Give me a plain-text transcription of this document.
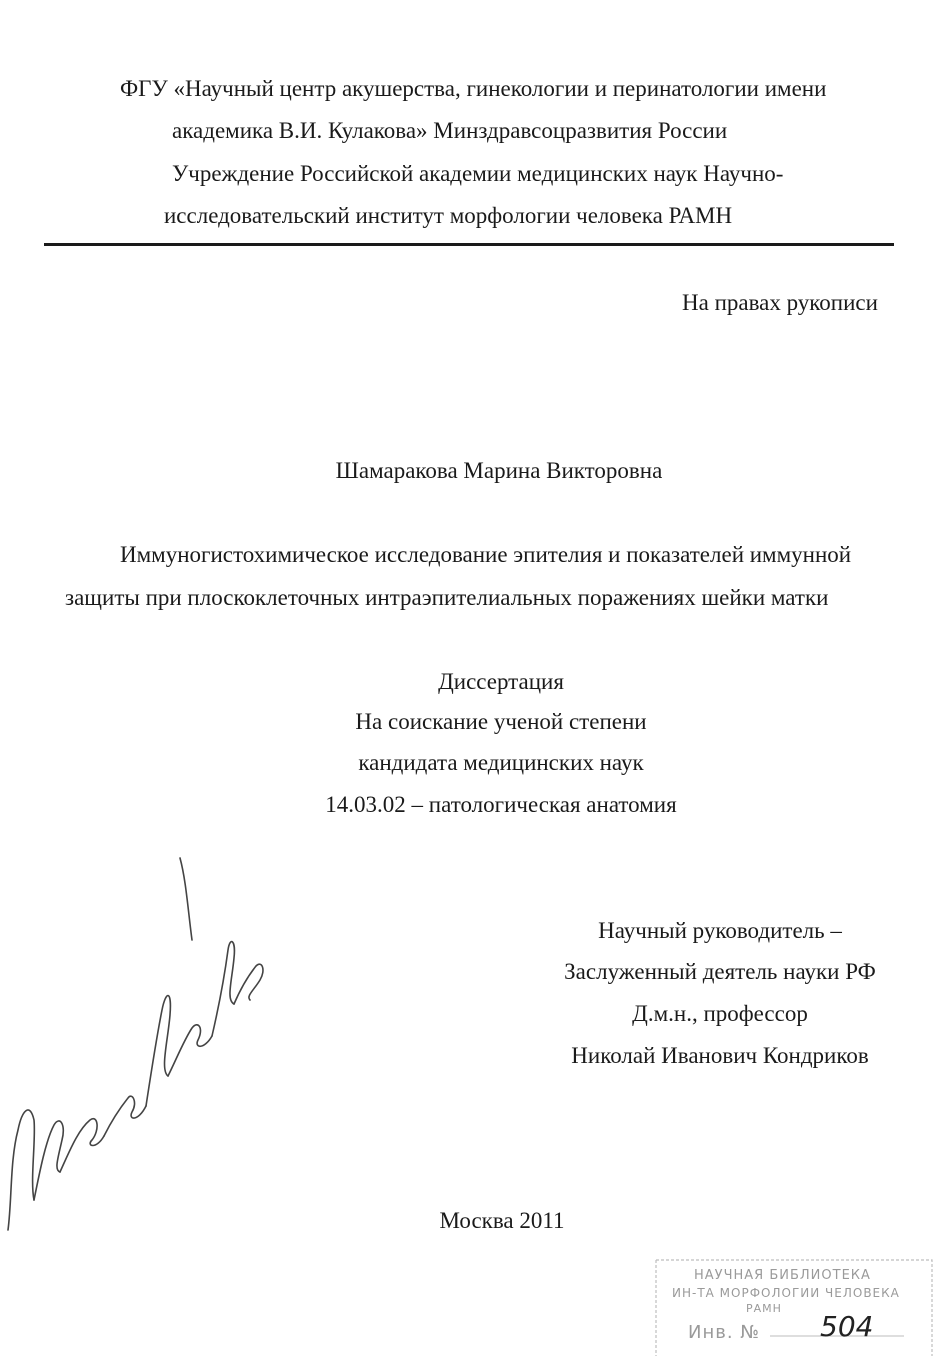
ФГУ «Научный центр акушерства, гинекологии и перинатологии имени
академика В.И. Кулакова» Минздравсоцразвития России
Учреждение Российской академии медицинских наук Научно-
исследовательский институт морфологии человека РАМН
На правах рукописи
Шамаракова Марина Викторовна
Иммуногистохимическое исследование эпителия и показателей иммунной
защиты при плоскоклеточных интраэпителиальных поражениях шейки матки
Диссертация
На соискание ученой степени
кандидата медицинских наук
14.03.02 – патологическая анатомия
Научный руководитель –
Заслуженный деятель науки РФ
Д.м.н., профессор
Николай Иванович Кондриков
Москва 2011
НАУЧНАЯ БИБЛИОТЕКА
ИН-ТА МОРФОЛОГИИ ЧЕЛОВЕКА
РАМН
Инв. № 504
